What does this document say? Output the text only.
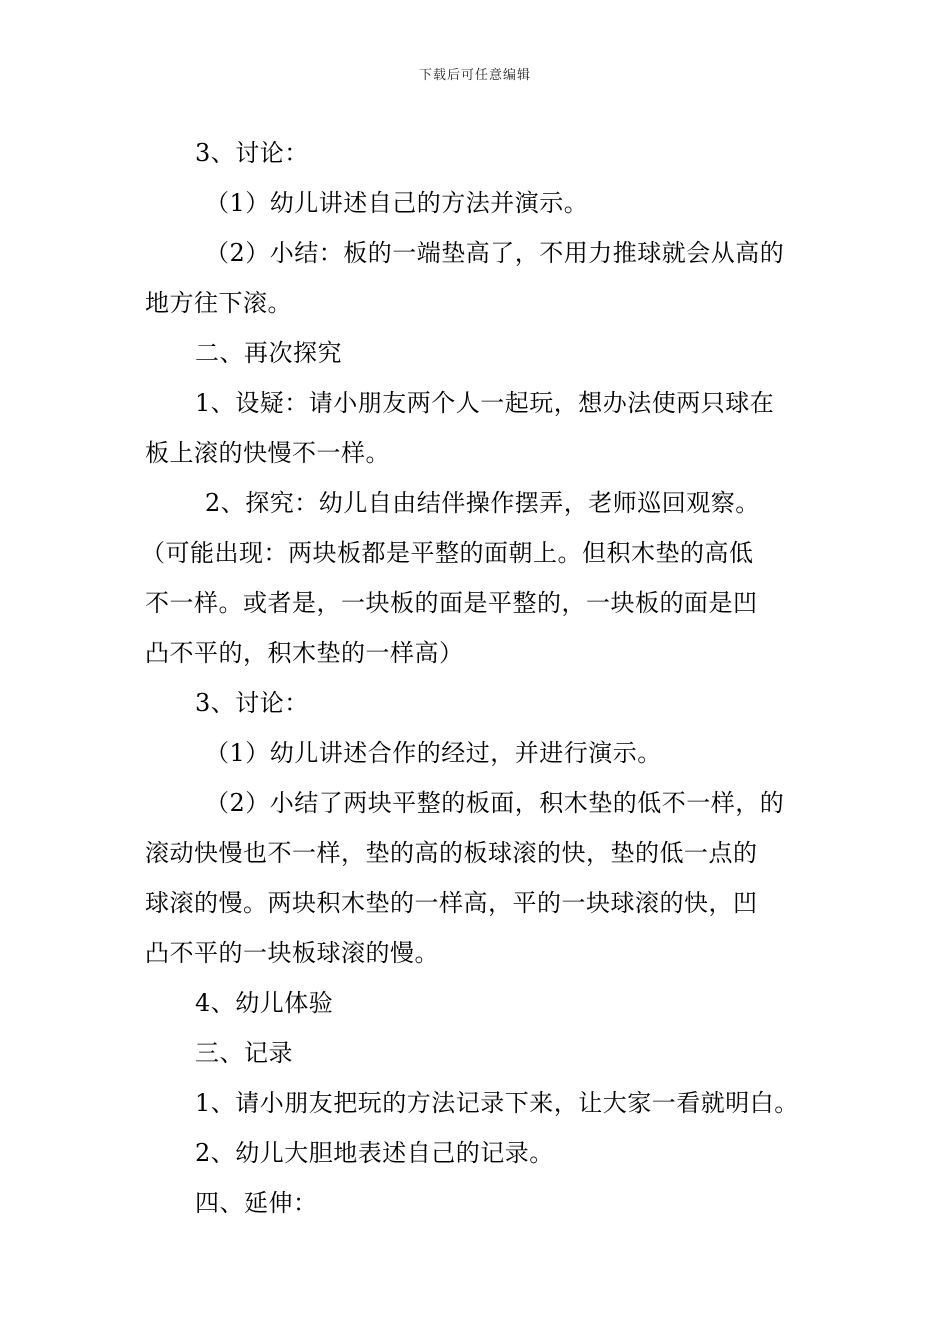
下载后可任意编辑
3、讨论：
（1）幼儿讲述自己的方法并演示。
（2）小结：板的一端垫高了，不用力推球就会从高的
地方往下滚。
二、再次探究
1、设疑：请小朋友两个人一起玩，想办法使两只球在
板上滚的快慢不一样。
2、探究：幼儿自由结伴操作摆弄，老师巡回观察。
（可能出现：两块板都是平整的面朝上。但积木垫的高低
不一样。或者是，一块板的面是平整的，一块板的面是凹
凸不平的，积木垫的一样高）
3、讨论：
（1）幼儿讲述合作的经过，并进行演示。
（2）小结了两块平整的板面，积木垫的低不一样，的
滚动快慢也不一样，垫的高的板球滚的快，垫的低一点的
球滚的慢。两块积木垫的一样高，平的一块球滚的快，凹
凸不平的一块板球滚的慢。
4、幼儿体验
三、记录
1、请小朋友把玩的方法记录下来，让大家一看就明白。
2、幼儿大胆地表述自己的记录。
四、延伸：
